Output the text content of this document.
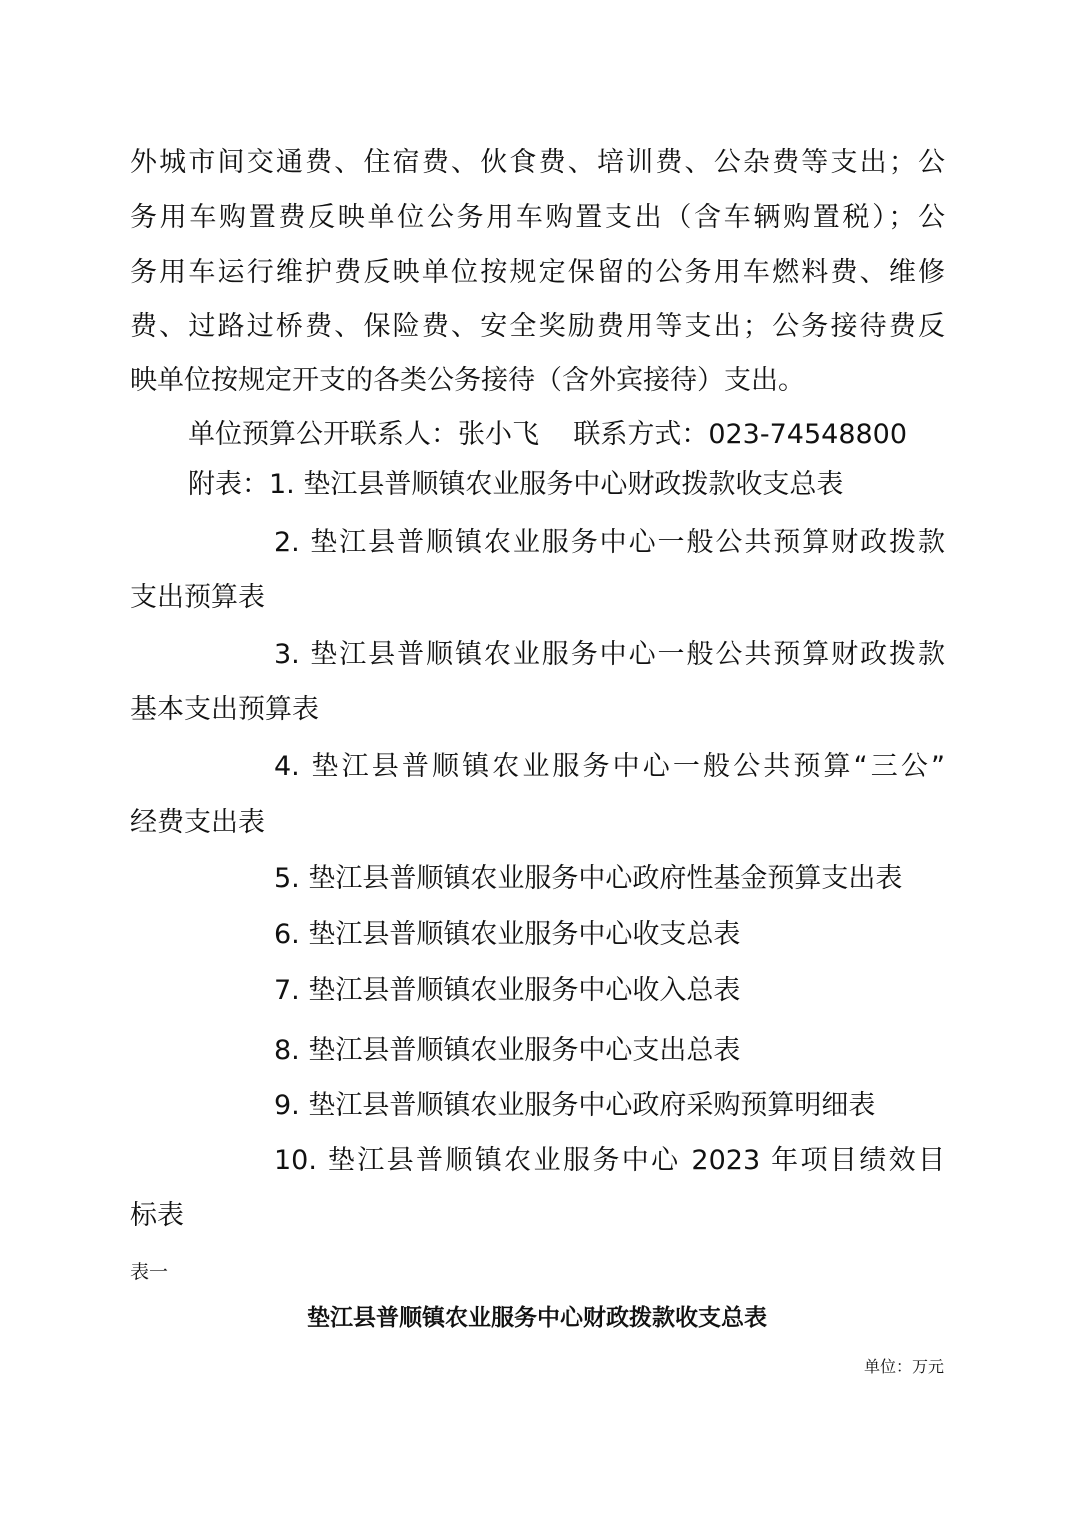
外城市间交通费、住宿费、伙食费、培训费、公杂费等支出；公
务用车购置费反映单位公务用车购置支出（含车辆购置税）；公
务用车运行维护费反映单位按规定保留的公务用车燃料费、维修
费、过路过桥费、保险费、安全奖励费用等支出；公务接待费反
映单位按规定开支的各类公务接待（含外宾接待）支出。
单位预算公开联系人：张小飞    联系方式：023-74548800
附表：1. 垫江县普顺镇农业服务中心财政拨款收支总表
2. 垫江县普顺镇农业服务中心一般公共预算财政拨款
支出预算表
3. 垫江县普顺镇农业服务中心一般公共预算财政拨款
基本支出预算表
4. 垫江县普顺镇农业服务中心一般公共预算“三公”
经费支出表
5. 垫江县普顺镇农业服务中心政府性基金预算支出表
6. 垫江县普顺镇农业服务中心收支总表
7. 垫江县普顺镇农业服务中心收入总表
8. 垫江县普顺镇农业服务中心支出总表
9. 垫江县普顺镇农业服务中心政府采购预算明细表
10. 垫江县普顺镇农业服务中心 2023 年项目绩效目
标表
表一
垫江县普顺镇农业服务中心财政拨款收支总表
单位：万元
